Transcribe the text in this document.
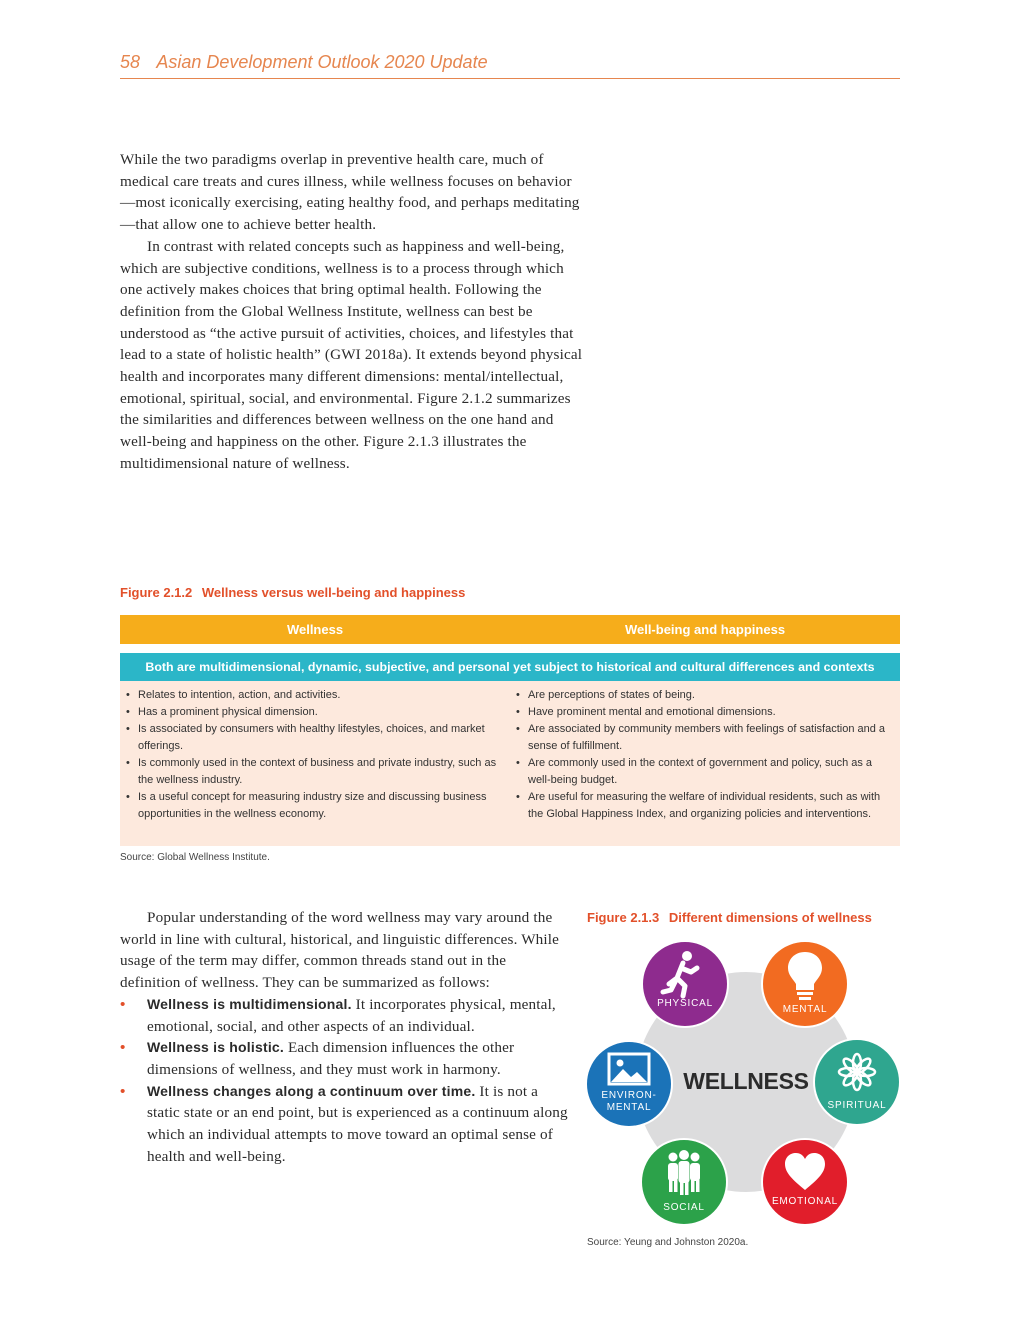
58 Asian Development Outlook 2020 Update

While the two paradigms overlap in preventive health care, much of medical care treats and cures illness, while wellness focuses on behavior—most iconically exercising, eating healthy food, and perhaps meditating—that allow one to achieve better health.

In contrast with related concepts such as happiness and well-being, which are subjective conditions, wellness is to a process through which one actively makes choices that bring optimal health. Following the definition from the Global Wellness Institute, wellness can best be understood as “the active pursuit of activities, choices, and lifestyles that lead to a state of holistic health” (GWI 2018a). It extends beyond physical health and incorporates many different dimensions: mental/intellectual, emotional, spiritual, social, and environmental. Figure 2.1.2 summarizes the similarities and differences between wellness on the one hand and well-being and happiness on the other. Figure 2.1.3 illustrates the multidimensional nature of wellness.

Figure 2.1.2 Wellness versus well-being and happiness
Wellness	Well-being and happiness
Both are multidimensional, dynamic, subjective, and personal yet subject to historical and cultural differences and contexts
• Relates to intention, action, and activities.
• Has a prominent physical dimension.
• Is associated by consumers with healthy lifestyles, choices, and market offerings.
• Is commonly used in the context of business and private industry, such as the wellness industry.
• Is a useful concept for measuring industry size and discussing business opportunities in the wellness economy.
• Are perceptions of states of being.
• Have prominent mental and emotional dimensions.
• Are associated by community members with feelings of satisfaction and a sense of fulfillment.
• Are commonly used in the context of government and policy, such as a well-being budget.
• Are useful for measuring the welfare of individual residents, such as with the Global Happiness Index, and organizing policies and interventions.
Source: Global Wellness Institute.

Popular understanding of the word wellness may vary around the world in line with cultural, historical, and linguistic differences. While usage of the term may differ, common threads stand out in the definition of wellness. They can be summarized as follows:

• Wellness is multidimensional. It incorporates physical, mental, emotional, social, and other aspects of an individual.
• Wellness is holistic. Each dimension influences the other dimensions of wellness, and they must work in harmony.
• Wellness changes along a continuum over time. It is not a static state or an end point, but is experienced as a continuum along which an individual attempts to move toward an optimal sense of health and well-being.
Figure 2.1.3 Different dimensions of wellness
WELLNESS
PHYSICAL
MENTAL
SPIRITUAL
EMOTIONAL
SOCIAL
ENVIRON-
MENTAL
Source: Yeung and Johnston 2020a.
